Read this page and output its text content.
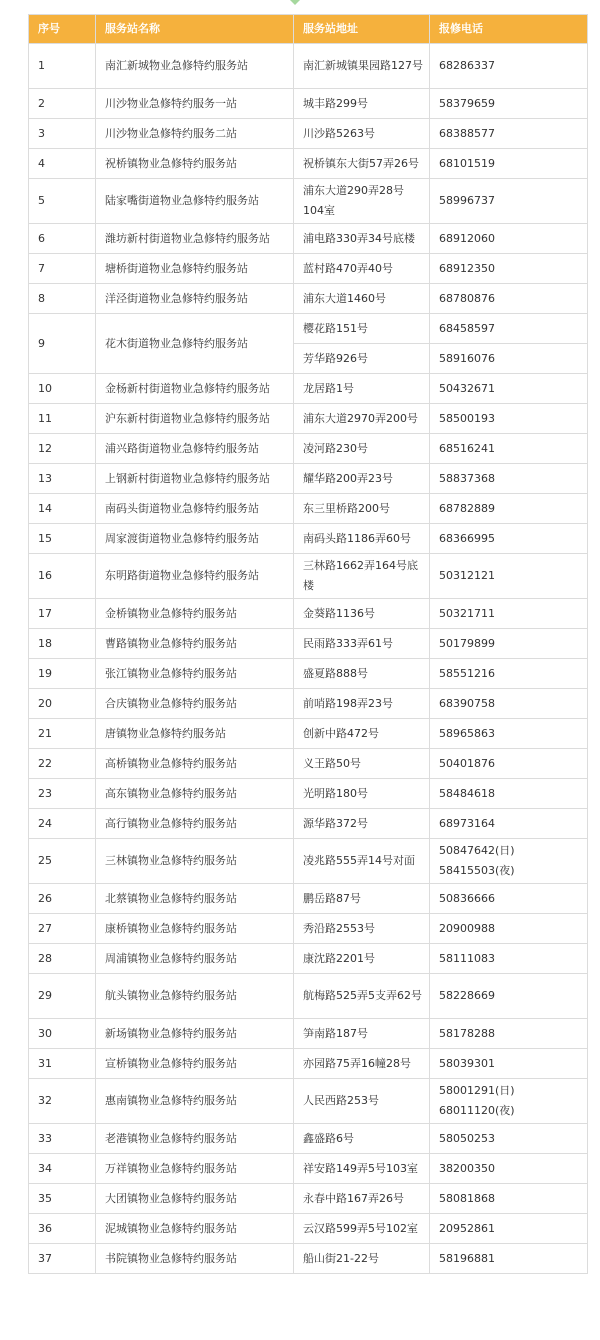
序号	服务站名称	服务站地址	报修电话
1	南汇新城物业急修特约服务站	南汇新城镇果园路127号	68286337
2	川沙物业急修特约服务一站	城丰路299号	58379659
3	川沙物业急修特约服务二站	川沙路5263号	68388577
4	祝桥镇物业急修特约服务站	祝桥镇东大街57弄26号	68101519
5	陆家嘴街道物业急修特约服务站	浦东大道290弄28号104室	58996737
6	潍坊新村街道物业急修特约服务站	浦电路330弄34号底楼	68912060
7	塘桥街道物业急修特约服务站	蓝村路470弄40号	68912350
8	洋泾街道物业急修特约服务站	浦东大道1460号	68780876
9	花木街道物业急修特约服务站	樱花路151号	68458597
		芳华路926号	58916076
10	金杨新村街道物业急修特约服务站	龙居路1号	50432671
11	沪东新村街道物业急修特约服务站	浦东大道2970弄200号	58500193
12	浦兴路街道物业急修特约服务站	凌河路230号	68516241
13	上钢新村街道物业急修特约服务站	耀华路200弄23号	58837368
14	南码头街道物业急修特约服务站	东三里桥路200号	68782889
15	周家渡街道物业急修特约服务站	南码头路1186弄60号	68366995
16	东明路街道物业急修特约服务站	三林路1662弄164号底楼	50312121
17	金桥镇物业急修特约服务站	金葵路1136号	50321711
18	曹路镇物业急修特约服务站	民雨路333弄61号	50179899
19	张江镇物业急修特约服务站	盛夏路888号	58551216
20	合庆镇物业急修特约服务站	前哨路198弄23号	68390758
21	唐镇物业急修特约服务站	创新中路472号	58965863
22	高桥镇物业急修特约服务站	义王路50号	50401876
23	高东镇物业急修特约服务站	光明路180号	58484618
24	高行镇物业急修特约服务站	源华路372号	68973164
25	三林镇物业急修特约服务站	凌兆路555弄14号对面	50847642(日)
58415503(夜)

26	北蔡镇物业急修特约服务站	鹏岳路87号	50836666
27	康桥镇物业急修特约服务站	秀沿路2553号	20900988
28	周浦镇物业急修特约服务站	康沈路2201号	58111083
29	航头镇物业急修特约服务站	航梅路525弄5支弄62号	58228669
30	新场镇物业急修特约服务站	笋南路187号	58178288
31	宣桥镇物业急修特约服务站	亦园路75弄16幢28号	58039301
32	惠南镇物业急修特约服务站	人民西路253号	58001291(日)
68011120(夜)

33	老港镇物业急修特约服务站	鑫盛路6号	58050253
34	万祥镇物业急修特约服务站	祥安路149弄5号103室	38200350
35	大团镇物业急修特约服务站	永春中路167弄26号	58081868
36	泥城镇物业急修特约服务站	云汉路599弄5号102室	20952861
37	书院镇物业急修特约服务站	船山街21-22号	58196881
